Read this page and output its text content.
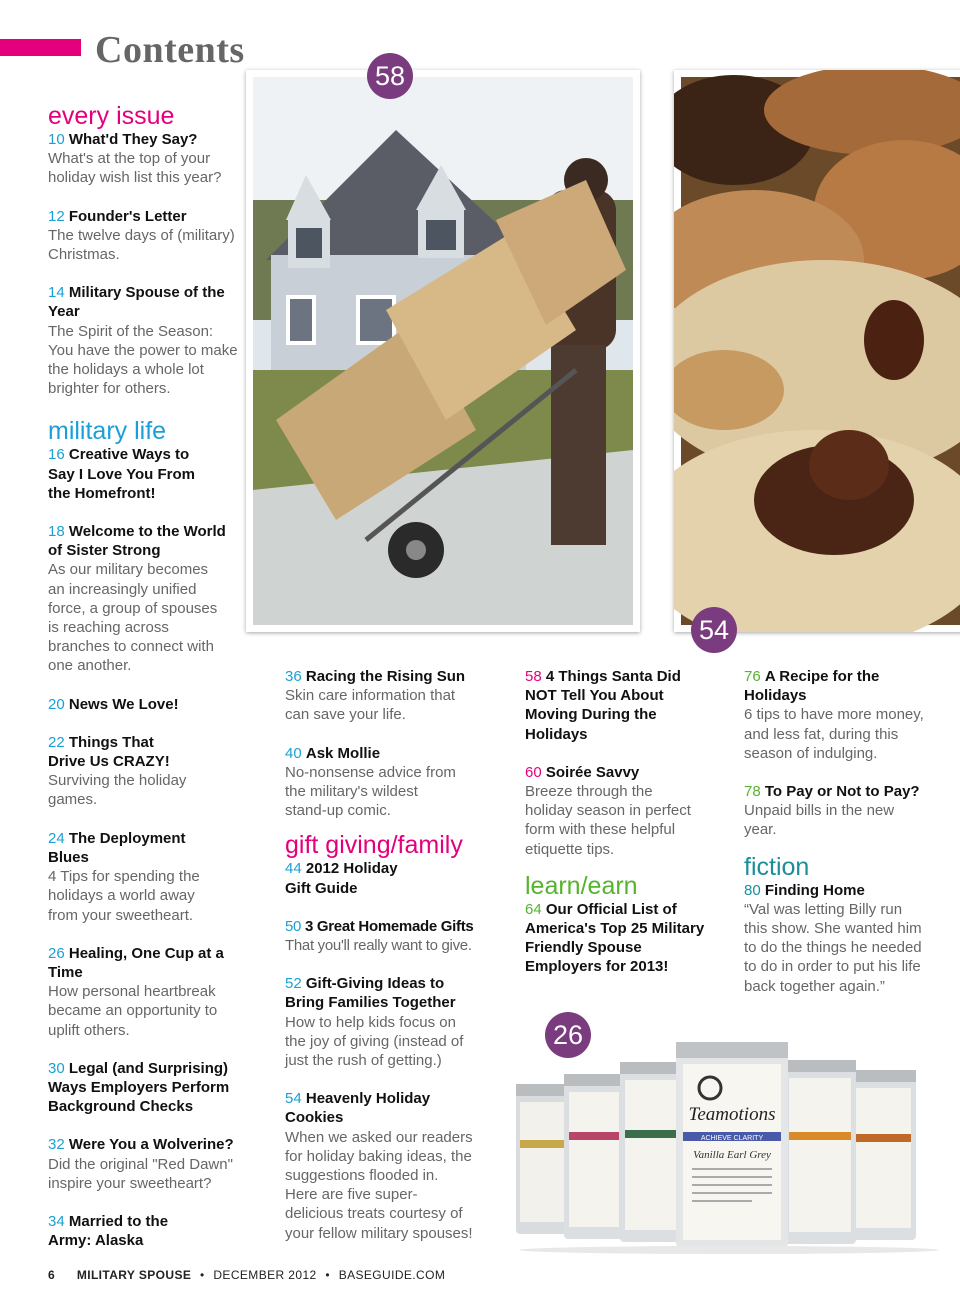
Contents
58
54
26
every issue
10 What'd They Say?
What's at the top of your holiday wish list this year?
12 Founder's Letter
The twelve days of (military) Christmas.
14 Military Spouse of the Year
The Spirit of the Season: You have the power to make the holidays a whole lot brighter for others.
military life
16 Creative Ways to Say I Love You From the Homefront!
18 Welcome to the World of Sister Strong
As our military becomes an increasingly unified force, a group of spouses is reaching across branches to connect with one another.
20 News We Love!
22 Things That Drive Us CRAZY!
Surviving the holiday games.
24 The Deployment Blues
4 Tips for spending the holidays a world away from your sweetheart.
26 Healing, One Cup at a Time
How personal heartbreak became an opportunity to uplift others.
30 Legal (and Surprising) Ways Employers Perform Background Checks
32 Were You a Wolverine?
Did the original "Red Dawn" inspire your sweetheart?
34 Married to the Army: Alaska
36 Racing the Rising Sun
Skin care information that can save your life.
40 Ask Mollie
No-nonsense advice from the military's wildest stand-up comic.
gift giving/family
44 2012 Holiday Gift Guide
50 3 Great Homemade Gifts
That you'll really want to give.
52 Gift-Giving Ideas to Bring Families Together
How to help kids focus on the joy of giving (instead of just the rush of getting.)
54 Heavenly Holiday Cookies
When we asked our readers for holiday baking ideas, the suggestions flooded in. Here are five super-delicious treats courtesy of your fellow military spouses!
58 4 Things Santa Did NOT Tell You About Moving During the Holidays
60 Soirée Savvy
Breeze through the holiday season in perfect form with these helpful etiquette tips.
learn/earn
64 Our Official List of America's Top 25 Military Friendly Spouse Employers for 2013!
76 A Recipe for the Holidays
6 tips to have more money, and less fat, during this season of indulging.
78 To Pay or Not to Pay?
Unpaid bills in the new year.
fiction
80 Finding Home
“Val was letting Billy run this show. She wanted him to do the things he needed to do in order to put his life back together again.”
Teamotions
ACHIEVE CLARITY
Vanilla Earl Grey
6 MILITARY SPOUSE • DECEMBER 2012 • BASEGUIDE.COM
